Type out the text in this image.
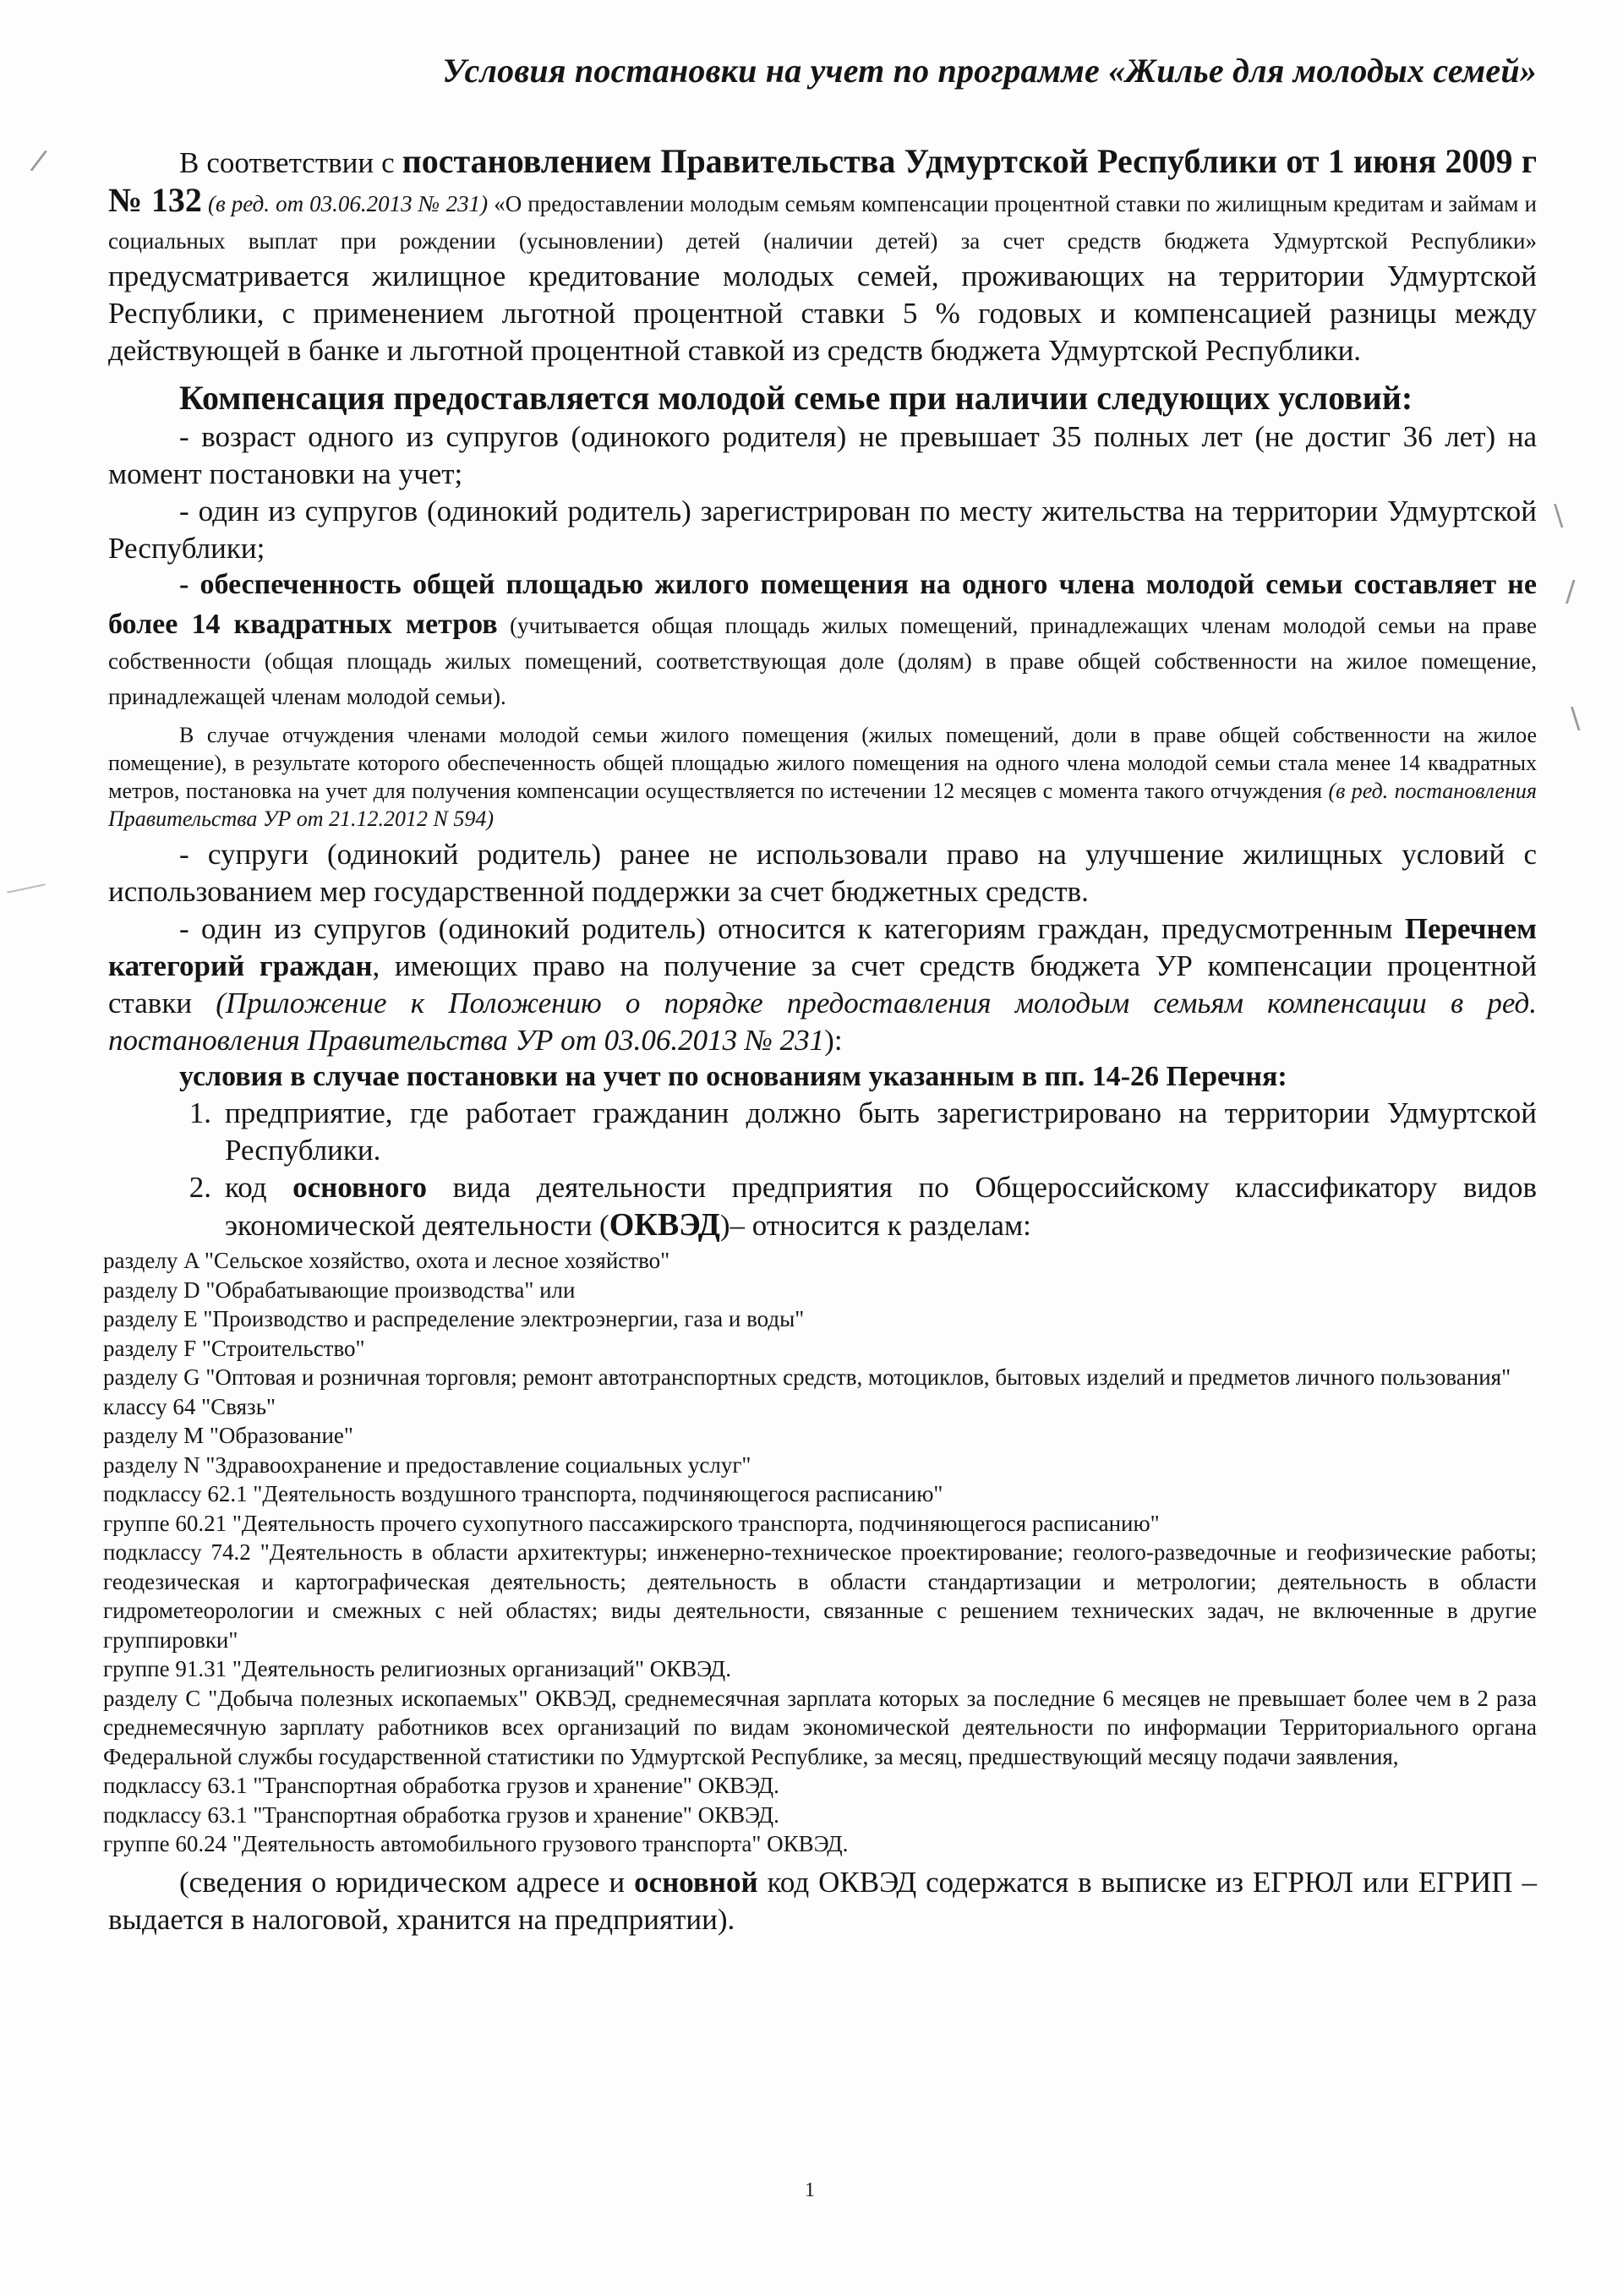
Условия постановки на учет по программе «Жилье для молодых семей»

В соответствии с постановлением Правительства Удмуртской Республики от 1 июня 2009 г № 132 (в ред. от 03.06.2013 № 231) «О предоставлении молодым семьям компенсации процентной ставки по жилищным кредитам и займам и социальных выплат при рождении (усыновлении) детей (наличии детей) за счет средств бюджета Удмуртской Республики» предусматривается жилищное кредитование молодых семей, проживающих на территории Удмуртской Республики, с применением льготной процентной ставки 5 % годовых и компенсацией разницы между действующей в банке и льготной процентной ставкой из средств бюджета Удмуртской Республики.

Компенсация предоставляется молодой семье при наличии следующих условий:

- возраст одного из супругов (одинокого родителя) не превышает 35 полных лет (не достиг 36 лет) на момент постановки на учет;

- один из супругов (одинокий родитель) зарегистрирован по месту жительства на территории Удмуртской Республики;

- обеспеченность общей площадью жилого помещения на одного члена молодой семьи составляет не более 14 квадратных метров (учитывается общая площадь жилых помещений, принадлежащих членам молодой семьи на праве собственности (общая площадь жилых помещений, соответствующая доле (долям) в праве общей собственности на жилое помещение, принадлежащей членам молодой семьи).

В случае отчуждения членами молодой семьи жилого помещения (жилых помещений, доли в праве общей собственности на жилое помещение), в результате которого обеспеченность общей площадью жилого помещения на одного члена молодой семьи стала менее 14 квадратных метров, постановка на учет для получения компенсации осуществляется по истечении 12 месяцев с момента такого отчуждения (в ред. постановления Правительства УР от 21.12.2012 N 594)

- супруги (одинокий родитель) ранее не использовали право на улучшение жилищных условий с использованием мер государственной поддержки за счет бюджетных средств.

- один из супругов (одинокий родитель) относится к категориям граждан, предусмотренным Перечнем категорий граждан, имеющих право на получение за счет средств бюджета УР компенсации процентной ставки (Приложение к Положению о порядке предоставления молодым семьям компенсации в ред. постановления Правительства УР от 03.06.2013 № 231):

условия в случае постановки на учет по основаниям указанным в пп. 14-26 Перечня:

1. предприятие, где работает гражданин должно быть зарегистрировано на территории Удмуртской Республики.
2. код основного вида деятельности предприятия по Общероссийскому классификатору видов экономической деятельности (ОКВЭД)– относится к разделам:

разделу A "Сельское хозяйство, охота и лесное хозяйство"

разделу D "Обрабатывающие производства" или

разделу E "Производство и распределение электроэнергии, газа и воды"

разделу F "Строительство"

разделу G "Оптовая и розничная торговля; ремонт автотранспортных средств, мотоциклов, бытовых изделий и предметов личного пользования"

классу 64 "Связь"

разделу M "Образование"

разделу N "Здравоохранение и предоставление социальных услуг"

подклассу 62.1 "Деятельность воздушного транспорта, подчиняющегося расписанию"

группе 60.21 "Деятельность прочего сухопутного пассажирского транспорта, подчиняющегося расписанию"

подклассу 74.2 "Деятельность в области архитектуры; инженерно-техническое проектирование; геолого-разведочные и геофизические работы; геодезическая и картографическая деятельность; деятельность в области стандартизации и метрологии; деятельность в области гидрометеорологии и смежных с ней областях; виды деятельности, связанные с решением технических задач, не включенные в другие группировки"

группе 91.31 "Деятельность религиозных организаций" ОКВЭД.

разделу C "Добыча полезных ископаемых" ОКВЭД, среднемесячная зарплата которых за последние 6 месяцев не превышает более чем в 2 раза среднемесячную зарплату работников всех организаций по видам экономической деятельности по информации Территориального органа Федеральной службы государственной статистики по Удмуртской Республике, за месяц, предшествующий месяцу подачи заявления,

подклассу 63.1 "Транспортная обработка грузов и хранение" ОКВЭД.

подклассу 63.1 "Транспортная обработка грузов и хранение" ОКВЭД.

группе 60.24 "Деятельность автомобильного грузового транспорта" ОКВЭД.

(сведения о юридическом адресе и основной код ОКВЭД содержатся в выписке из ЕГРЮЛ или ЕГРИП – выдается в налоговой, хранится на предприятии).

1
/
\
/
\
